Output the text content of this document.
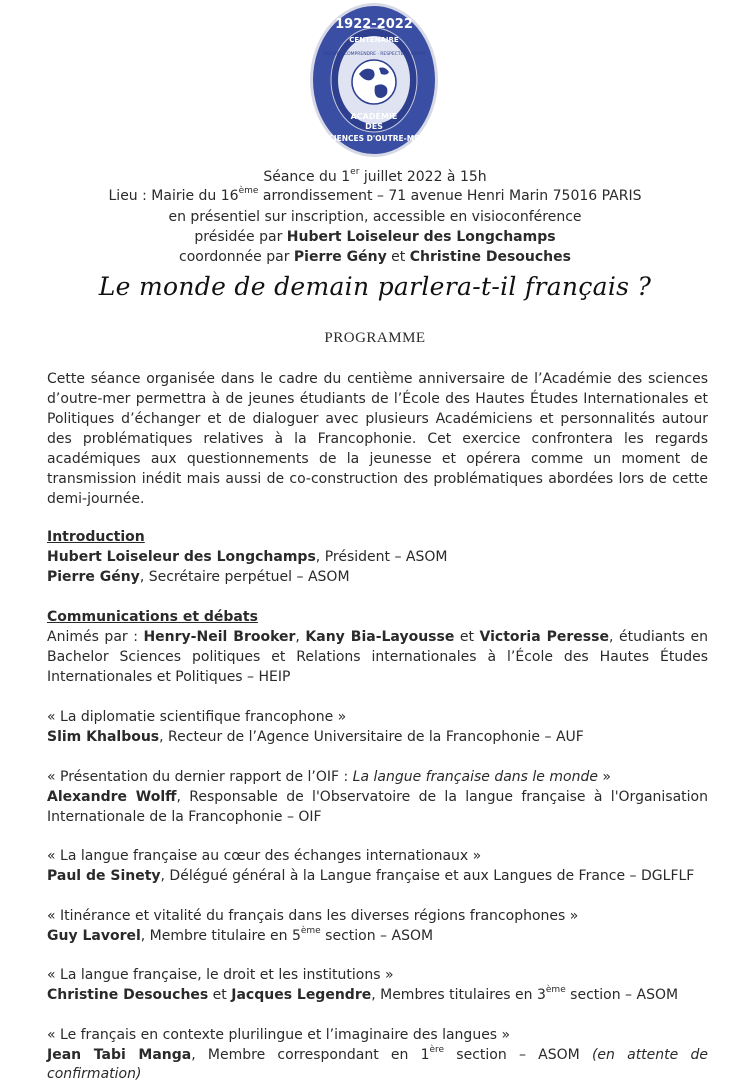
1922-2022
CENTENAIRE
SAVOIR · COMPRENDRE · RESPECTER · AIMER
ACADÉMIE
DES
SCIENCES D'OUTRE-MER
Séance du 1er juillet 2022 à 15h
Lieu : Mairie du 16ème arrondissement – 71 avenue Henri Marin 75016 PARIS
en présentiel sur inscription, accessible en visioconférence
présidée par Hubert Loiseleur des Longchamps
coordonnée par Pierre Gény et Christine Desouches
Le monde de demain parlera-t-il français ?
PROGRAMME
Cette séance organisée dans le cadre du centième anniversaire de l’Académie des sciences d’outre-mer permettra à de jeunes étudiants de l’École des Hautes Études Internationales et Politiques d’échanger et de dialoguer avec plusieurs Académiciens et personnalités autour des problématiques relatives à la Francophonie. Cet exercice confrontera les regards académiques aux questionnements de la jeunesse et opérera comme un moment de transmission inédit mais aussi de co-construction des problématiques abordées lors de cette demi-journée.
Introduction
Hubert Loiseleur des Longchamps, Président – ASOM
Pierre Gény, Secrétaire perpétuel – ASOM
Communications et débats
Animés par : Henry-Neil Brooker, Kany Bia-Layousse et Victoria Peresse, étudiants en
Bachelor Sciences politiques et Relations internationales à l’École des Hautes Études
Internationales et Politiques – HEIP
« La diplomatie scientifique francophone »
Slim Khalbous, Recteur de l’Agence Universitaire de la Francophonie – AUF
« Présentation du dernier rapport de l’OIF : La langue française dans le monde »
Alexandre Wolff, Responsable de l'Observatoire de la langue française à l'Organisation
Internationale de la Francophonie – OIF
« La langue française au cœur des échanges internationaux »
Paul de Sinety, Délégué général à la Langue française et aux Langues de France – DGLFLF
« Itinérance et vitalité du français dans les diverses régions francophones »
Guy Lavorel, Membre titulaire en 5ème section – ASOM
« La langue française, le droit et les institutions »
Christine Desouches et Jacques Legendre, Membres titulaires en 3ème section – ASOM
« Le français en contexte plurilingue et l’imaginaire des langues »
Jean Tabi Manga, Membre correspondant en 1ère section – ASOM (en attente de
confirmation)
